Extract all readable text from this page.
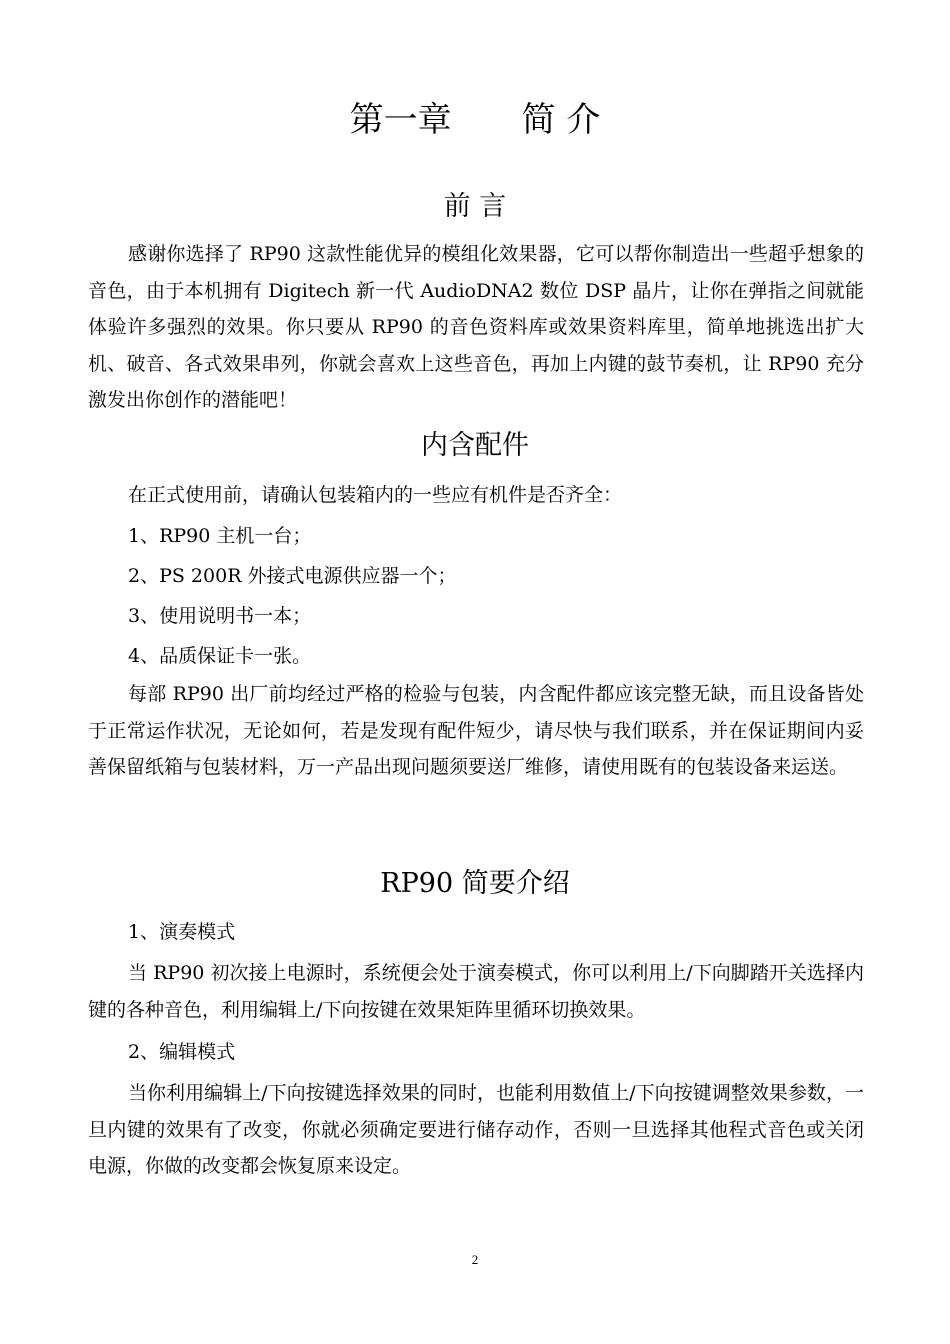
第一章 简 介
前 言

感谢你选择了 RP90 这款性能优异的模组化效果器，它可以帮你制造出一些超乎想象的音色，由于本机拥有 Digitech 新一代 AudioDNA2 数位 DSP 晶片，让你在弹指之间就能体验许多强烈的效果。你只要从 RP90 的音色资料库或效果资料库里，简单地挑选出扩大机、破音、各式效果串列，你就会喜欢上这些音色，再加上内键的鼓节奏机，让 RP90 充分激发出你创作的潜能吧！

内含配件
在正式使用前，请确认包装箱内的一些应有机件是否齐全：
1、RP90 主机一台；
2、PS 200R 外接式电源供应器一个；
3、使用说明书一本；
4、品质保证卡一张。

每部 RP90 出厂前均经过严格的检验与包装，内含配件都应该完整无缺，而且设备皆处于正常运作状况，无论如何，若是发现有配件短少，请尽快与我们联系，并在保证期间内妥善保留纸箱与包装材料，万一产品出现问题须要送厂维修，请使用既有的包装设备来运送。

RP90 简要介绍
1、演奏模式

当 RP90 初次接上电源时，系统便会处于演奏模式，你可以利用上/下向脚踏开关选择内键的各种音色，利用编辑上/下向按键在效果矩阵里循环切换效果。

2、编辑模式

当你利用编辑上/下向按键选择效果的同时，也能利用数值上/下向按键调整效果参数，一旦内键的效果有了改变，你就必须确定要进行储存动作，否则一旦选择其他程式音色或关闭电源，你做的改变都会恢复原来设定。

2
